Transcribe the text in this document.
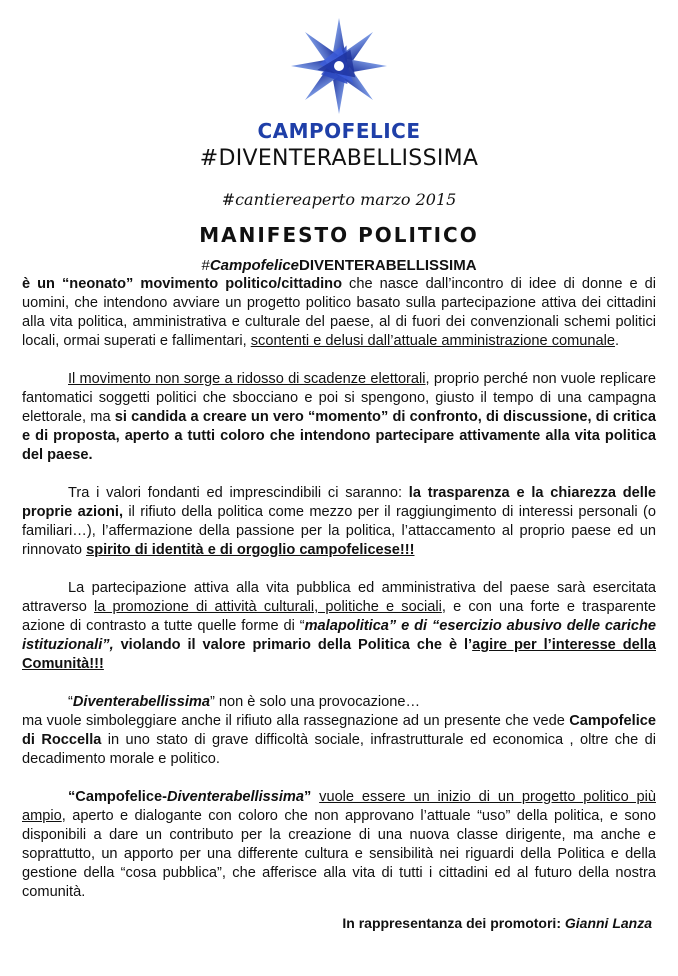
CAMPOFELICE
#DIVENTERABELLISSIMA
#cantiereaperto marzo 2015
MANIFESTO POLITICO
#CampofeliceDIVENTERABELLISSIMA

è un “neonato” movimento politico/cittadino che nasce dall’incontro di idee di donne e di uomini, che intendono avviare un progetto politico basato sulla partecipazione attiva dei cittadini alla vita politica, amministrativa e culturale del paese, al di fuori dei convenzionali schemi politici locali, ormai superati e fallimentari, scontenti e delusi dall’attuale amministrazione comunale.

Il movimento non sorge a ridosso di scadenze elettorali, proprio perché non vuole replicare fantomatici soggetti politici che sbocciano e poi si spengono, giusto il tempo di una campagna elettorale, ma si candida a creare un vero “momento” di confronto, di discussione, di critica e di proposta, aperto a tutti coloro che intendono partecipare attivamente alla vita politica del paese.

Tra i valori fondanti ed imprescindibili ci saranno: la trasparenza e la chiarezza delle proprie azioni, il rifiuto della politica come mezzo per il raggiungimento di interessi personali (o familiari…), l’affermazione della passione per la politica, l’attaccamento al proprio paese ed un rinnovato spirito di identità e di orgoglio campofelicese!!!

La partecipazione attiva alla vita pubblica ed amministrativa del paese sarà esercitata attraverso la promozione di attività culturali, politiche e sociali, e con una forte e trasparente azione di contrasto a tutte quelle forme di “malapolitica” e di “esercizio abusivo delle cariche istituzionali”, violando il valore primario della Politica che è l’agire per l’interesse della Comunità!!!

“Diventerabellissima” non è solo una provocazione…

ma vuole simboleggiare anche il rifiuto alla rassegnazione ad un presente che vede Campofelice di Roccella in uno stato di grave difficoltà sociale, infrastrutturale ed economica , oltre che di decadimento morale e politico.

“Campofelice-Diventerabellissima” vuole essere un inizio di un progetto politico più ampio, aperto e dialogante con coloro che non approvano l’attuale “uso” della politica, e sono disponibili a dare un contributo per la creazione di una nuova classe dirigente, ma anche e soprattutto, un apporto per una differente cultura e sensibilità nei riguardi della Politica e della gestione della “cosa pubblica”, che afferisce alla vita di tutti i cittadini ed al futuro della nostra comunità.

In rappresentanza dei promotori: Gianni Lanza
